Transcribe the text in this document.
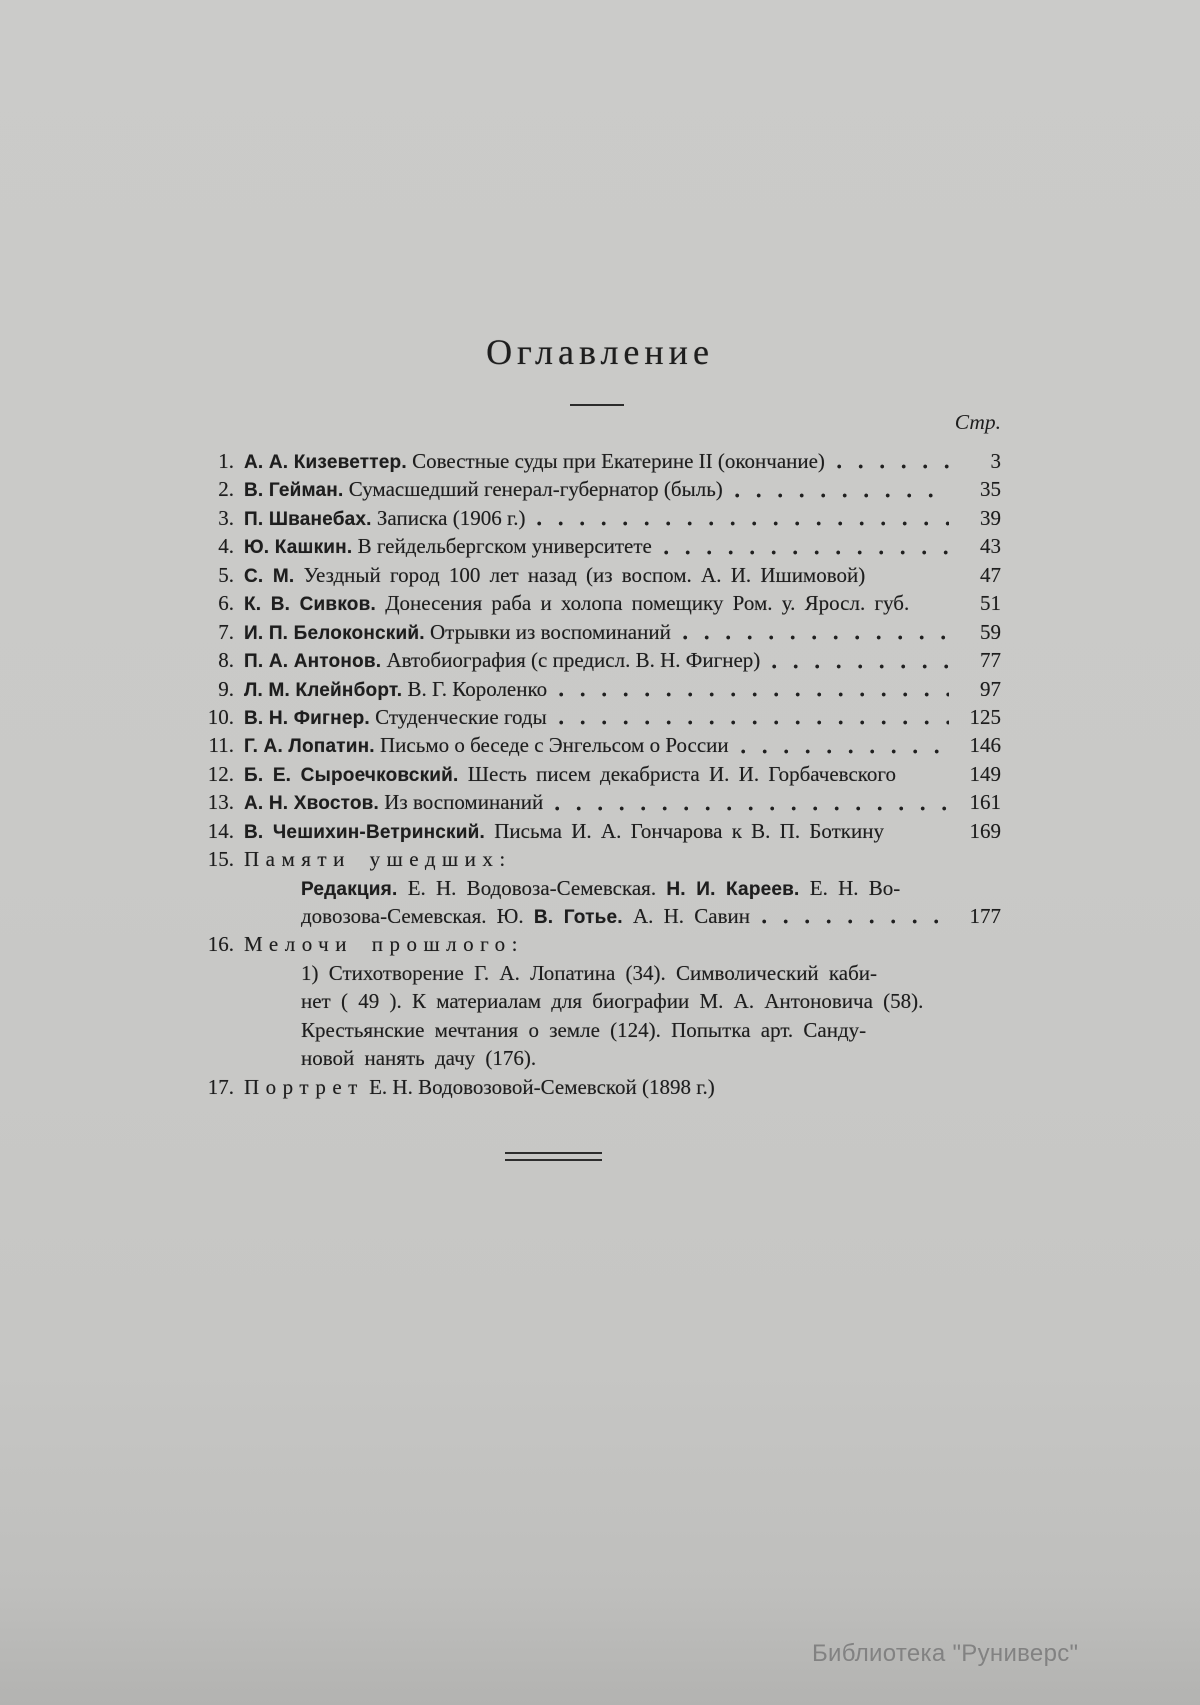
Оглавление
Стр.
1. А. А. Кизеветтер. Совестные суды при Екатерине II (окончание)	3
2. В. Гейман. Сумасшедший генерал-губернатор (быль)	35
3. П. Шванебах. Записка (1906 г.)	39
4. Ю. Кашкин. В гейдельбергском университете	43
5. С. М. Уездный город 100 лет назад (из воспом. А. И. Ишимовой)	47
6. К. В. Сивков. Донесения раба и холопа помещику Ром. у. Яросл. губ.	51
7. И. П. Белоконский. Отрывки из воспоминаний	59
8. П. А. Антонов. Автобиография (с предисл. В. Н. Фигнер)	77
9. Л. М. Клейнборт. В. Г. Короленко	97
10. В. Н. Фигнер. Студенческие годы	125
11. Г. А. Лопатин. Письмо о беседе с Энгельсом о России	146
12. Б. Е. Сыроечковский. Шесть писем декабриста И. И. Горбачевского	149
13. А. Н. Хвостов. Из воспоминаний	161
14. В. Чешихин-Ветринский. Письма И. А. Гончарова к В. П. Боткину	169
15. Памяти ушедших:
Редакция. Е. Н. Водовоза-Семевская. Н. И. Кареев. Е. Н. Во-
довозова-Семевская. Ю. В. Готье. А. Н. Савин	177
16. Мелочи прошлого:
1) Стихотворение Г. А. Лопатина (34). Символический каби-
нет ( 49 ). К материалам для биографии М. А. Антоновича (58).
Крестьянские мечтания о земле (124). Попытка арт. Санду-
новой нанять дачу (176).
17. Портрет Е. Н. Водовозовой-Семевской (1898 г.)
Библиотека "Руниверс"
